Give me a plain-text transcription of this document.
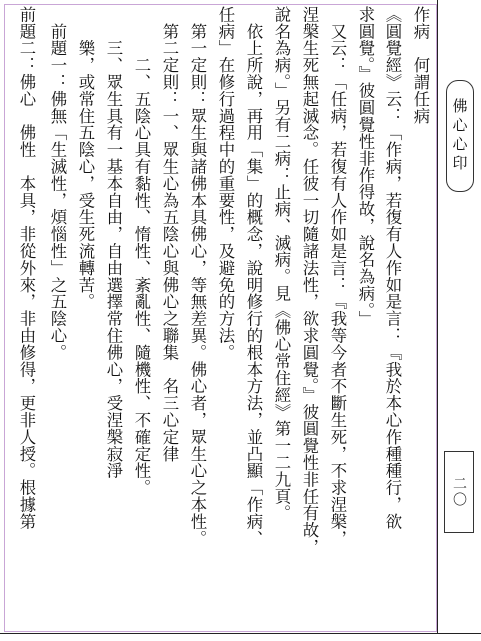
作病　何謂任病
《圓覺經》云：「作病，若復有人作如是言：『我於本心作種種行，欲
求圓覺。』彼圓覺性非作得故，說名為病。」
　又云：「任病，若復有人作如是言：『我等今者不斷生死，不求涅槃，
涅槃生死無起滅念。任彼一切隨諸法性，欲求圓覺。』彼圓覺性非任有故，
說名為病。」另有二病：止病、滅病。見《佛心常住經》第一二九頁。
　依上所說，再用「集」的概念，說明修行的根本方法，並凸顯「作病、
任病」在修行過程中的重要性，及避免的方法。
　第一定則：眾生與諸佛本具佛心，等無差異。佛心者，眾生心之本性。
　第二定則：一、眾生心為五陰心與佛心之聯集　名三心定律
　　　二、五陰心具有黏性、惰性、紊亂性、隨機性、不確定性。
　　三、眾生具有一基本自由，自由選擇常住佛心，受涅槃寂淨
　　樂，或常住五陰心，受生死流轉苦。
　前題一：佛無「生滅性，煩惱性」之五陰心。
前題二：佛心　佛性　本具，非從外來，非由修得，更非人授。根據第	佛心心印
二〇
